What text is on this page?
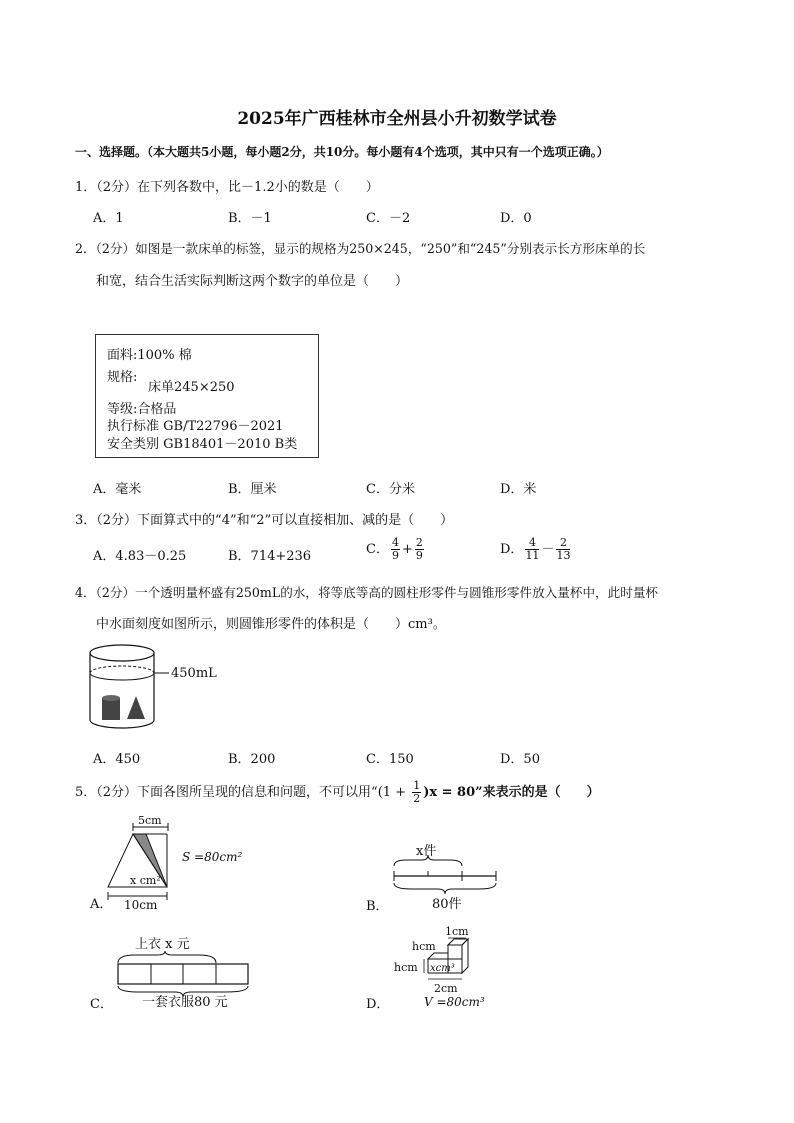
2025年广西桂林市全州县小升初数学试卷
一、选择题。（本大题共5小题，每小题2分，共10分。每小题有4个选项，其中只有一个选项正确。）
1．（2分）在下列各数中，比－1.2小的数是（　　）
A．1	B．－1	C．－2	D．0
2．（2分）如图是一款床单的标签，显示的规格为250×245，“250”和“245”分别表示长方形床单的长
和宽，结合生活实际判断这两个数字的单位是（　　）
面料:100% 棉
规格:
床单245×250
等级:合格品
执行标准 GB/T22796－2021
安全类别 GB18401－2010 B类
A．毫米	B．厘米	C．分米	D．米
3．（2分）下面算式中的“4”和“2”可以直接相加、减的是（　　）
A．4.83－0.25	B．714+236	C． $\frac{4}{9} + \frac{2}{9}$	D． $\frac{4}{11} - \frac{2}{13}$
4．（2分）一个透明量杯盛有250mL的水，将等底等高的圆柱形零件与圆锥形零件放入量杯中，此时量杯
中水面刻度如图所示，则圆锥形零件的体积是（　　）cm³。
450mL
A．450	B．200	C．150	D．50
5．（2分）下面各图所呈现的信息和问题，不可以用“$(1 + \frac{1}{2} )x = 80$”来表示的是（　　）
A．
5cm
S =80cm²
x cm²
10cm	B．
x件
80件
C．
上衣 x 元
一套衣服80 元	D．
1cm
hcm
hcm xcm³
2cm
V =80cm³
